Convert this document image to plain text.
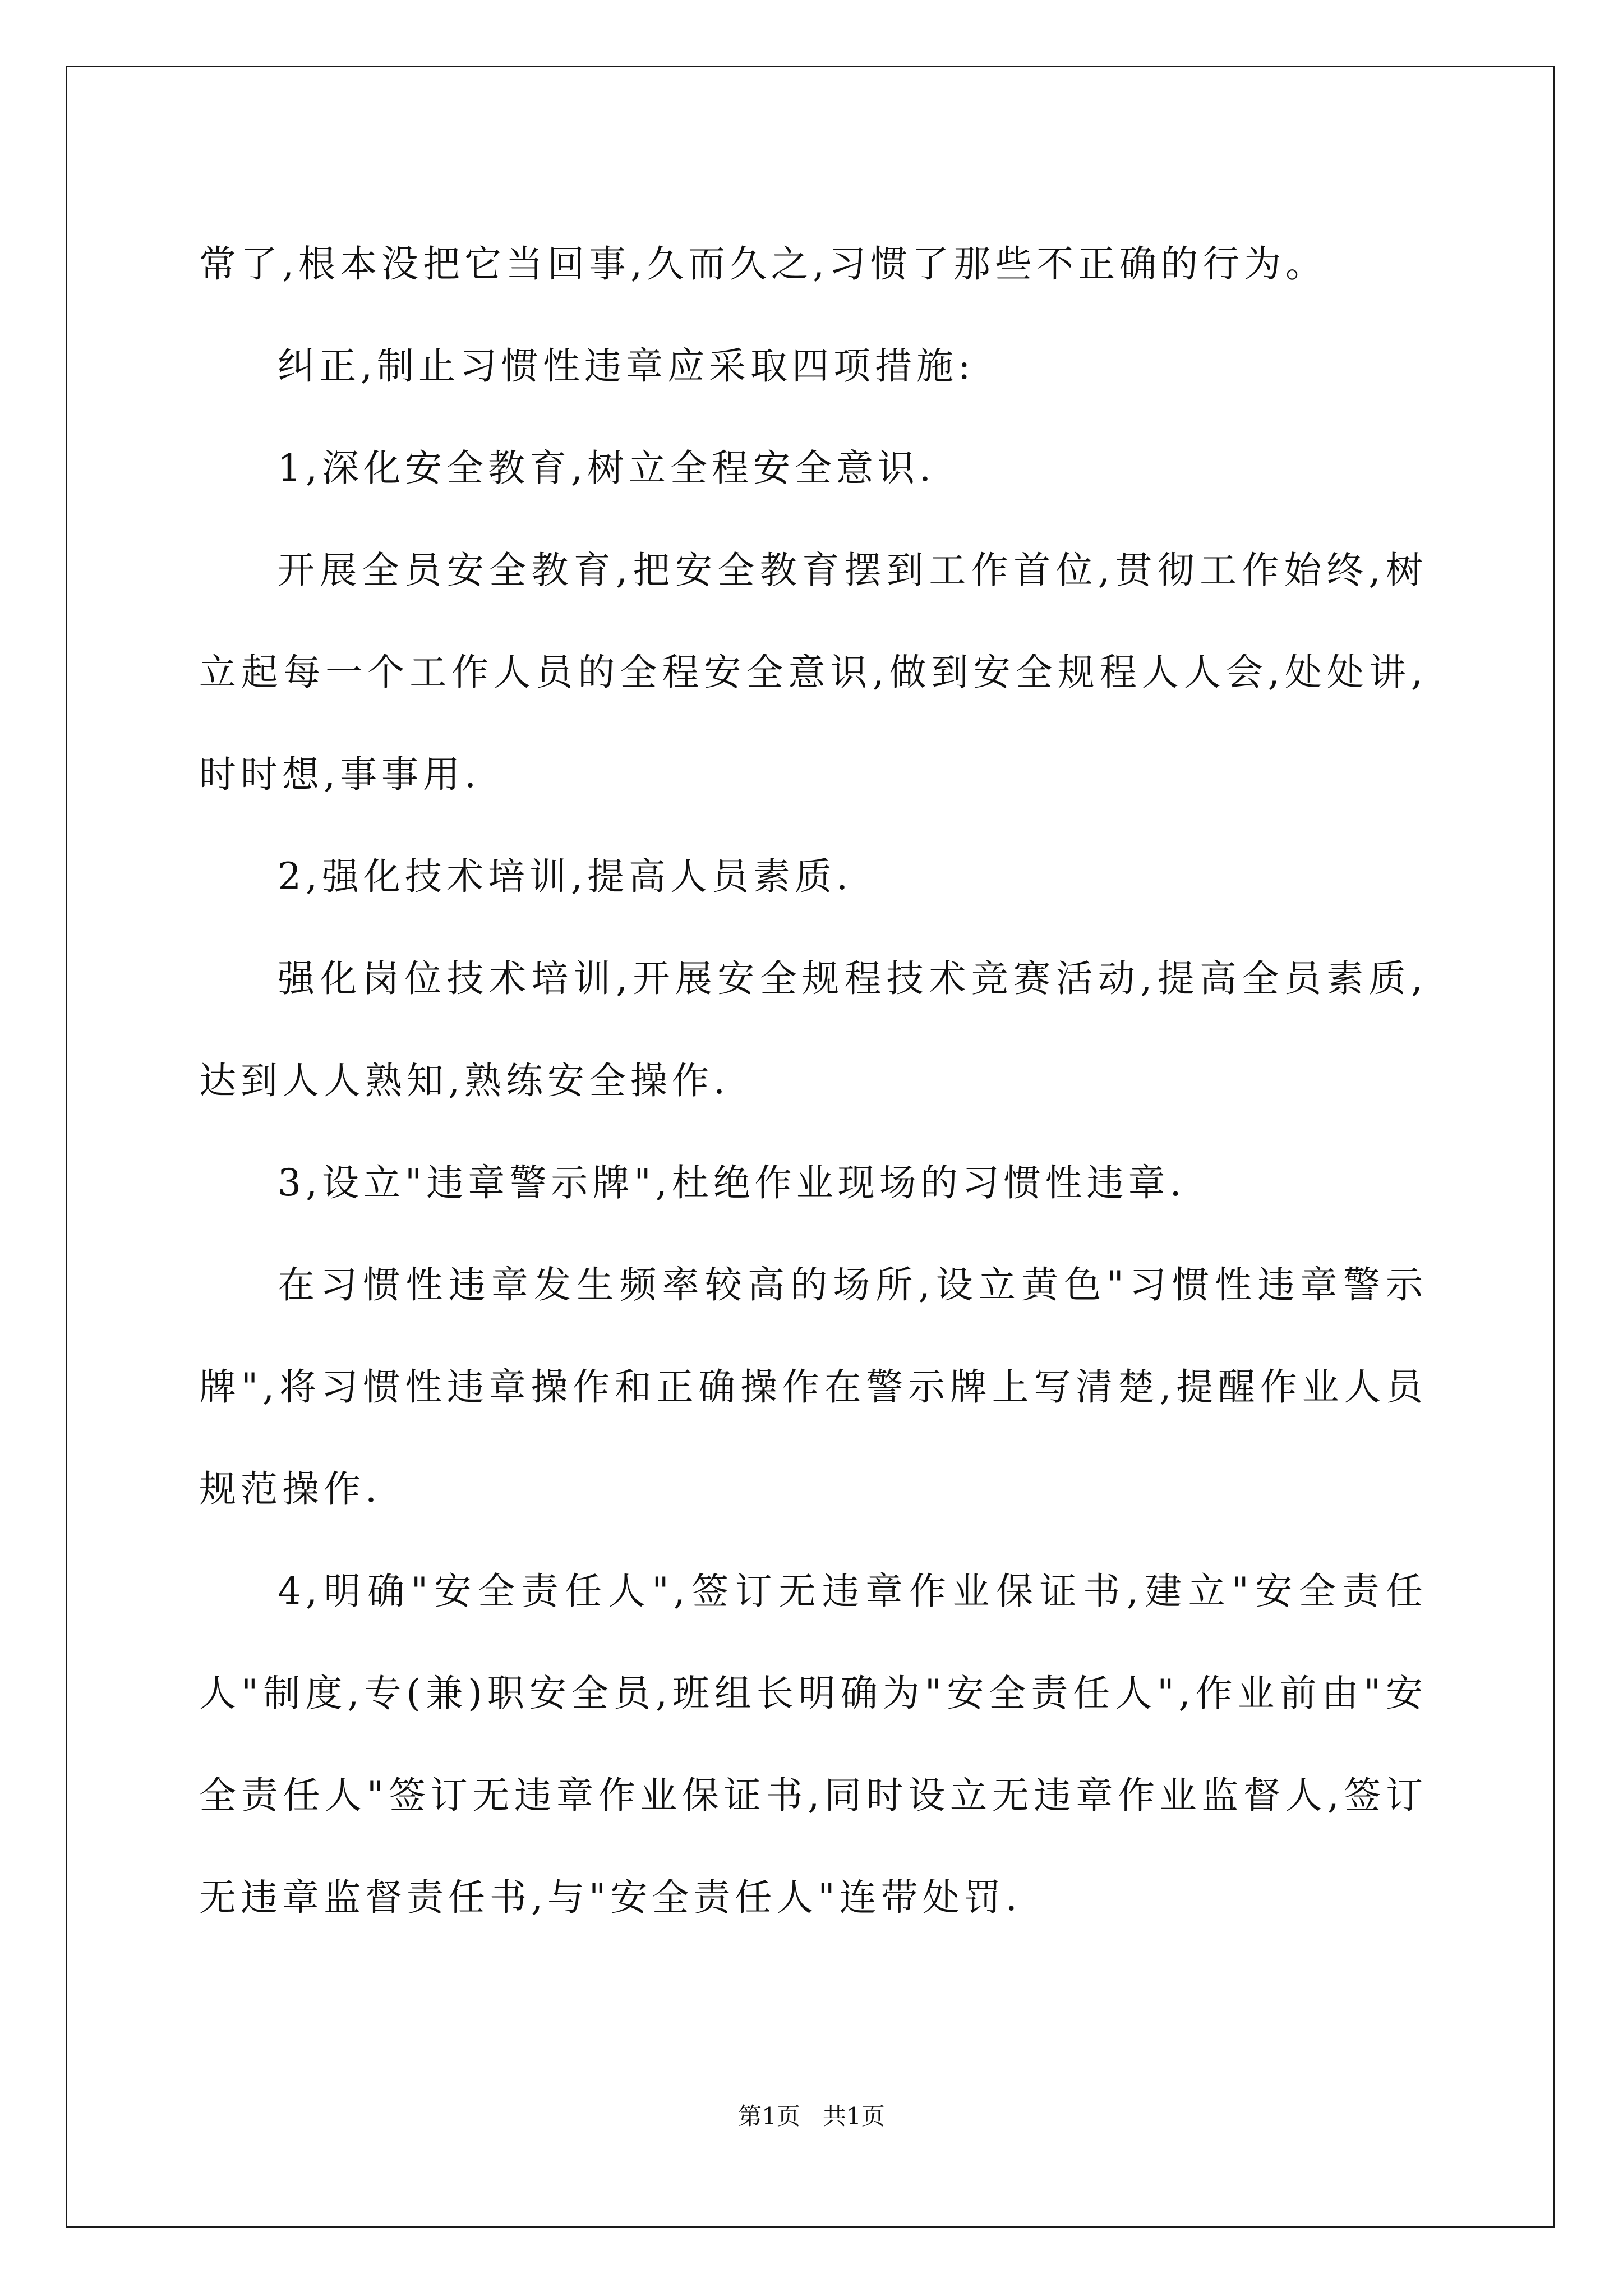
常了,根本没把它当回事,久而久之,习惯了那些不正确的行为。

纠正,制止习惯性违章应采取四项措施:

1,深化安全教育,树立全程安全意识.

开展全员安全教育,把安全教育摆到工作首位,贯彻工作始终,树立起每一个工作人员的全程安全意识,做到安全规程人人会,处处讲,时时想,事事用.

2,强化技术培训,提高人员素质.

强化岗位技术培训,开展安全规程技术竞赛活动,提高全员素质,达到人人熟知,熟练安全操作.

3,设立"违章警示牌",杜绝作业现场的习惯性违章.

在习惯性违章发生频率较高的场所,设立黄色"习惯性违章警示牌",将习惯性违章操作和正确操作在警示牌上写清楚,提醒作业人员规范操作.

4,明确"安全责任人",签订无违章作业保证书,建立"安全责任人"制度,专(兼)职安全员,班组长明确为"安全责任人",作业前由"安全责任人"签订无违章作业保证书,同时设立无违章作业监督人,签订无违章监督责任书,与"安全责任人"连带处罚.

第1页 共1页
